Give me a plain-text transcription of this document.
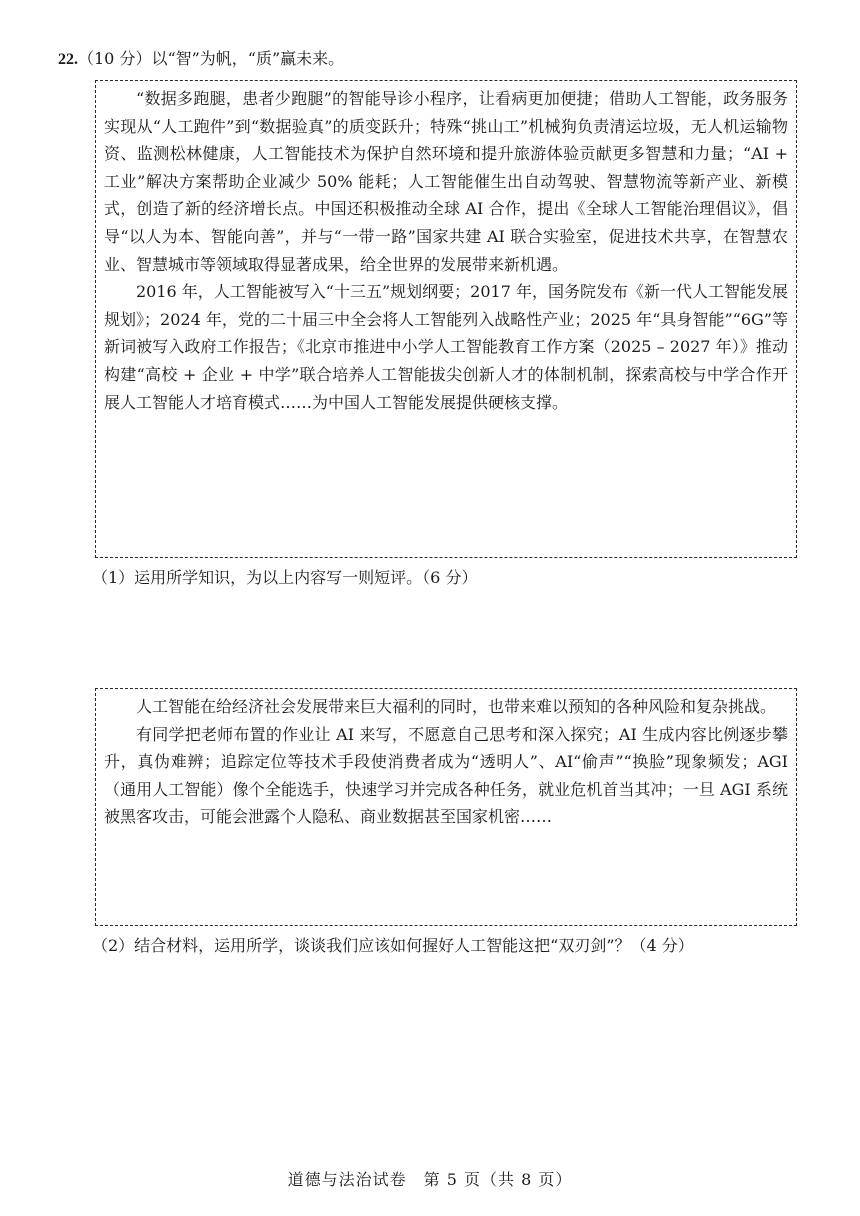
22.（10 分）以“智”为帆，“质”赢未来。

“数据多跑腿，患者少跑腿”的智能导诊小程序，让看病更加便捷；借助人工智能，政务服务实现从“人工跑件”到“数据验真”的质变跃升；特殊“挑山工”机械狗负责清运垃圾，无人机运输物资、监测松林健康，人工智能技术为保护自然环境和提升旅游体验贡献更多智慧和力量；“AI + 工业”解决方案帮助企业减少 50% 能耗；人工智能催生出自动驾驶、智慧物流等新产业、新模式，创造了新的经济增长点。中国还积极推动全球 AI 合作，提出《全球人工智能治理倡议》，倡导“以人为本、智能向善”，并与“一带一路”国家共建 AI 联合实验室，促进技术共享，在智慧农业、智慧城市等领域取得显著成果，给全世界的发展带来新机遇。

2016 年，人工智能被写入“十三五”规划纲要；2017 年，国务院发布《新一代人工智能发展规划》；2024 年，党的二十届三中全会将人工智能列入战略性产业；2025 年“具身智能”“6G”等新词被写入政府工作报告；《北京市推进中小学人工智能教育工作方案（2025 – 2027 年）》推动构建“高校 + 企业 + 中学”联合培养人工智能拔尖创新人才的体制机制，探索高校与中学合作开展人工智能人才培育模式……为中国人工智能发展提供硬核支撑。

（1）运用所学知识，为以上内容写一则短评。（6 分）

人工智能在给经济社会发展带来巨大福利的同时，也带来难以预知的各种风险和复杂挑战。

有同学把老师布置的作业让 AI 来写，不愿意自己思考和深入探究；AI 生成内容比例逐步攀升，真伪难辨；追踪定位等技术手段使消费者成为“透明人”、AI“偷声”“换脸”现象频发；AGI（通用人工智能）像个全能选手，快速学习并完成各种任务，就业危机首当其冲；一旦 AGI 系统被黑客攻击，可能会泄露个人隐私、商业数据甚至国家机密……

（2）结合材料，运用所学，谈谈我们应该如何握好人工智能这把“双刃剑”？（4 分）
道德与法治试卷　第 5 页（共 8 页）
